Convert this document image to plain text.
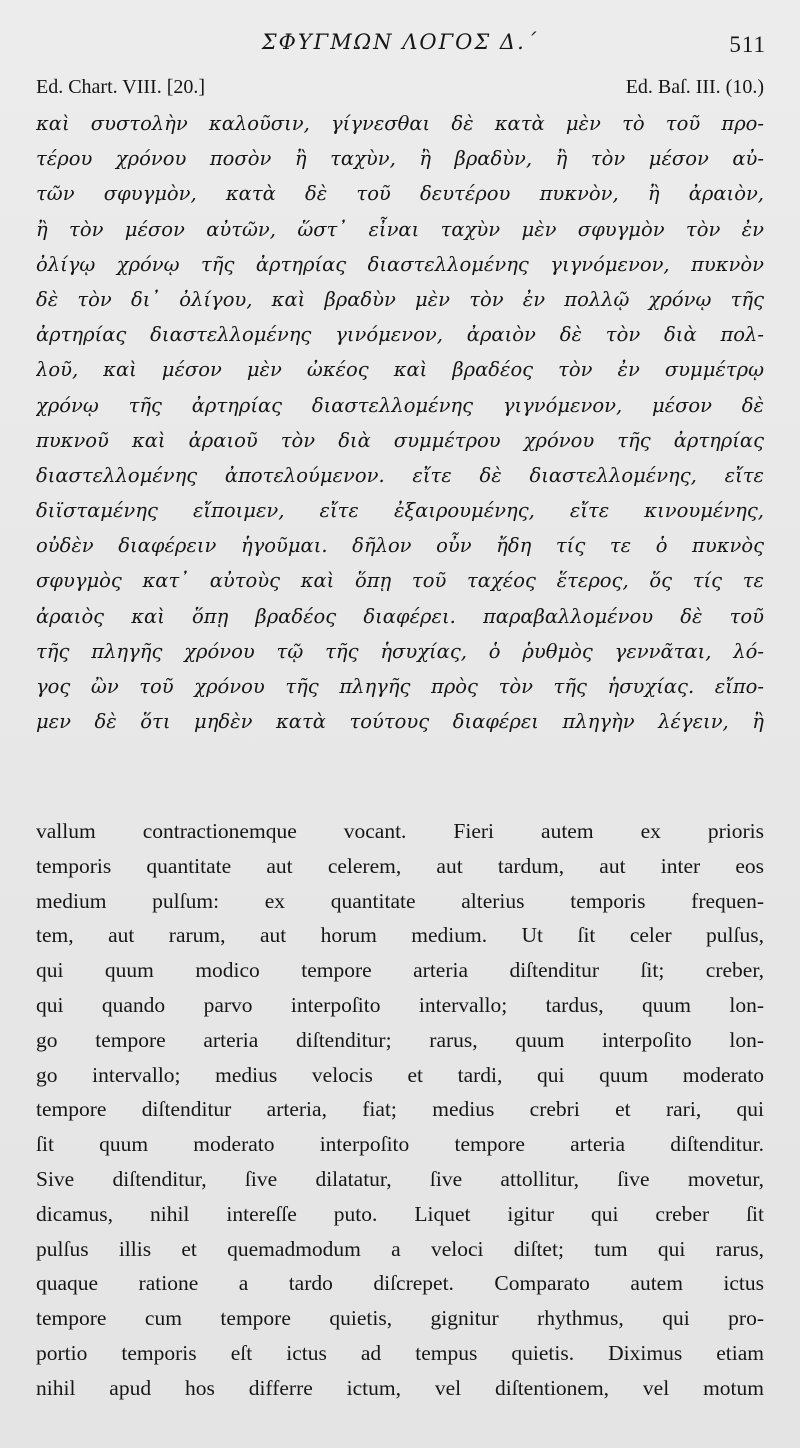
ΣΦΥΓΜΩΝ ΛΟΓΟΣ Δ.´	511
Ed. Chart. VIII. [20.]	Ed. Baſ. III. (10.)
καὶ συστολὴν καλοῦσιν, γίγνεσθαι δὲ κατὰ μὲν τὸ τοῦ προ-
τέρου χρόνου ποσὸν ἢ ταχὺν, ἢ βραδὺν, ἢ τὸν μέσον αὐ-
τῶν σφυγμὸν, κατὰ δὲ τοῦ δευτέρου πυκνὸν, ἢ ἀραιὸν,
ἢ τὸν μέσον αὐτῶν, ὥστ᾽ εἶναι ταχὺν μὲν σφυγμὸν τὸν ἐν
ὀλίγῳ χρόνῳ τῆς ἀρτηρίας διαστελλομένης γιγνόμενον, πυκνὸν
δὲ τὸν δι᾽ ὀλίγου, καὶ βραδὺν μὲν τὸν ἐν πολλῷ χρόνῳ τῆς
ἀρτηρίας διαστελλομένης γινόμενον, ἀραιὸν δὲ τὸν διὰ πολ-
λοῦ, καὶ μέσον μὲν ὠκέος καὶ βραδέος τὸν ἐν συμμέτρῳ
χρόνῳ τῆς ἀρτηρίας διαστελλομένης γιγνόμενον, μέσον δὲ
πυκνοῦ καὶ ἀραιοῦ τὸν διὰ συμμέτρου χρόνου τῆς ἀρτηρίας
διαστελλομένης ἀποτελούμενον. εἴτε δὲ διαστελλομένης, εἴτε
διϊσταμένης εἴποιμεν, εἴτε ἐξαιρουμένης, εἴτε κινουμένης,
οὐδὲν διαφέρειν ἡγοῦμαι. δῆλον οὖν ἤδη τίς τε ὁ πυκνὸς
σφυγμὸς κατ᾽ αὐτοὺς καὶ ὅπῃ τοῦ ταχέος ἕτερος, ὅς τίς τε
ἀραιὸς καὶ ὅπῃ βραδέος διαφέρει. παραβαλλομένου δὲ τοῦ
τῆς πληγῆς χρόνου τῷ τῆς ἡσυχίας, ὁ ῥυθμὸς γεννᾶται, λό-
γος ὢν τοῦ χρόνου τῆς πληγῆς πρὸς τὸν τῆς ἡσυχίας. εἴπο-
μεν δὲ ὅτι μηδὲν κατὰ τούτους διαφέρει πληγὴν λέγειν, ἢ
vallum contractionemque vocant. Fieri autem ex prioris
temporis quantitate aut celerem, aut tardum, aut inter eos
medium pulſum: ex quantitate alterius temporis frequen-
tem, aut rarum, aut horum medium. Ut ſit celer pulſus,
qui quum modico tempore arteria diſtenditur ſit; creber,
qui quando parvo interpoſito intervallo; tardus, quum lon-
go tempore arteria diſtenditur; rarus, quum interpoſito lon-
go intervallo; medius velocis et tardi, qui quum moderato
tempore diſtenditur arteria, fiat; medius crebri et rari, qui
ſit quum moderato interpoſito tempore arteria diſtenditur.
Sive diſtenditur, ſive dilatatur, ſive attollitur, ſive movetur,
dicamus, nihil intereſſe puto. Liquet igitur qui creber ſit
pulſus illis et quemadmodum a veloci diſtet; tum qui rarus,
quaque ratione a tardo diſcrepet. Comparato autem ictus
tempore cum tempore quietis, gignitur rhythmus, qui pro-
portio temporis eſt ictus ad tempus quietis. Diximus etiam
nihil apud hos differre ictum, vel diſtentionem, vel motum
